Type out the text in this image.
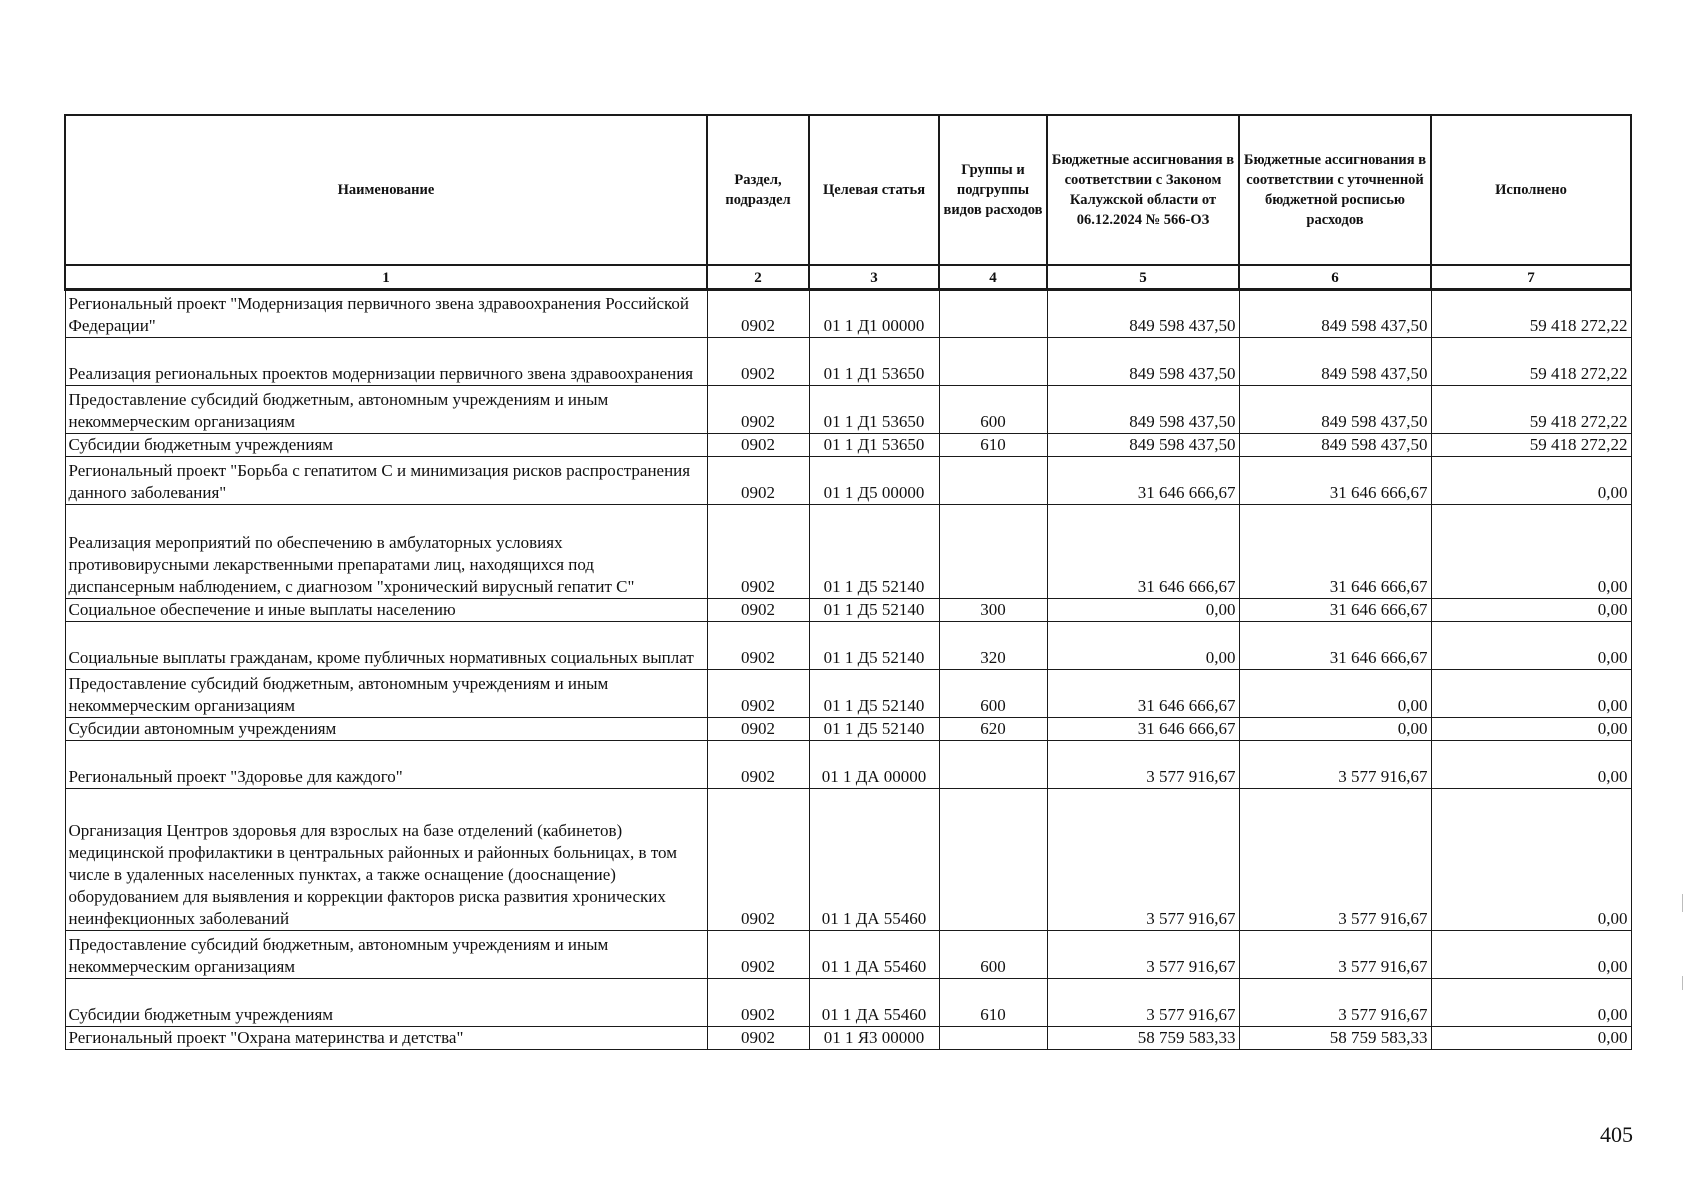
Наименование	Раздел, подраздел	Целевая статья	Группы и подгруппы видов расходов	Бюджетные ассигнования в соответствии с Законом Калужской области от 06.12.2024 № 566-ОЗ	Бюджетные ассигнования в соответствии с уточненной бюджетной росписью расходов	Исполнено
1	2	3	4	5	6	7
Региональный проект "Модернизация первичного звена здравоохранения Российской Федерации"	0902	01 1 Д1 00000		849 598 437,50	849 598 437,50	59 418 272,22
Реализация региональных проектов модернизации первичного звена здравоохранения	0902	01 1 Д1 53650		849 598 437,50	849 598 437,50	59 418 272,22
Предоставление субсидий бюджетным, автономным учреждениям и иным некоммерческим организациям	0902	01 1 Д1 53650	600	849 598 437,50	849 598 437,50	59 418 272,22
Субсидии бюджетным учреждениям	0902	01 1 Д1 53650	610	849 598 437,50	849 598 437,50	59 418 272,22
Региональный проект "Борьба с гепатитом С и минимизация рисков распространения данного заболевания"	0902	01 1 Д5 00000		31 646 666,67	31 646 666,67	0,00
Реализация мероприятий по обеспечению в амбулаторных условиях противовирусными лекарственными препаратами лиц, находящихся под диспансерным наблюдением, с диагнозом "хронический вирусный гепатит С"	0902	01 1 Д5 52140		31 646 666,67	31 646 666,67	0,00
Социальное обеспечение и иные выплаты населению	0902	01 1 Д5 52140	300	0,00	31 646 666,67	0,00
Социальные выплаты гражданам, кроме публичных нормативных социальных выплат	0902	01 1 Д5 52140	320	0,00	31 646 666,67	0,00
Предоставление субсидий бюджетным, автономным учреждениям и иным некоммерческим организациям	0902	01 1 Д5 52140	600	31 646 666,67	0,00	0,00
Субсидии автономным учреждениям	0902	01 1 Д5 52140	620	31 646 666,67	0,00	0,00
Региональный проект "Здоровье для каждого"	0902	01 1 ДА 00000		3 577 916,67	3 577 916,67	0,00
Организация Центров здоровья для взрослых на базе отделений (кабинетов) медицинской профилактики в центральных районных и районных больницах, в том числе в удаленных населенных пунктах, а также оснащение (дооснащение) оборудованием для выявления и коррекции факторов риска развития хронических неинфекционных заболеваний	0902	01 1 ДА 55460		3 577 916,67	3 577 916,67	0,00
Предоставление субсидий бюджетным, автономным учреждениям и иным некоммерческим организациям	0902	01 1 ДА 55460	600	3 577 916,67	3 577 916,67	0,00
Субсидии бюджетным учреждениям	0902	01 1 ДА 55460	610	3 577 916,67	3 577 916,67	0,00
Региональный проект "Охрана материнства и детства"	0902	01 1 Я3 00000		58 759 583,33	58 759 583,33	0,00
405
